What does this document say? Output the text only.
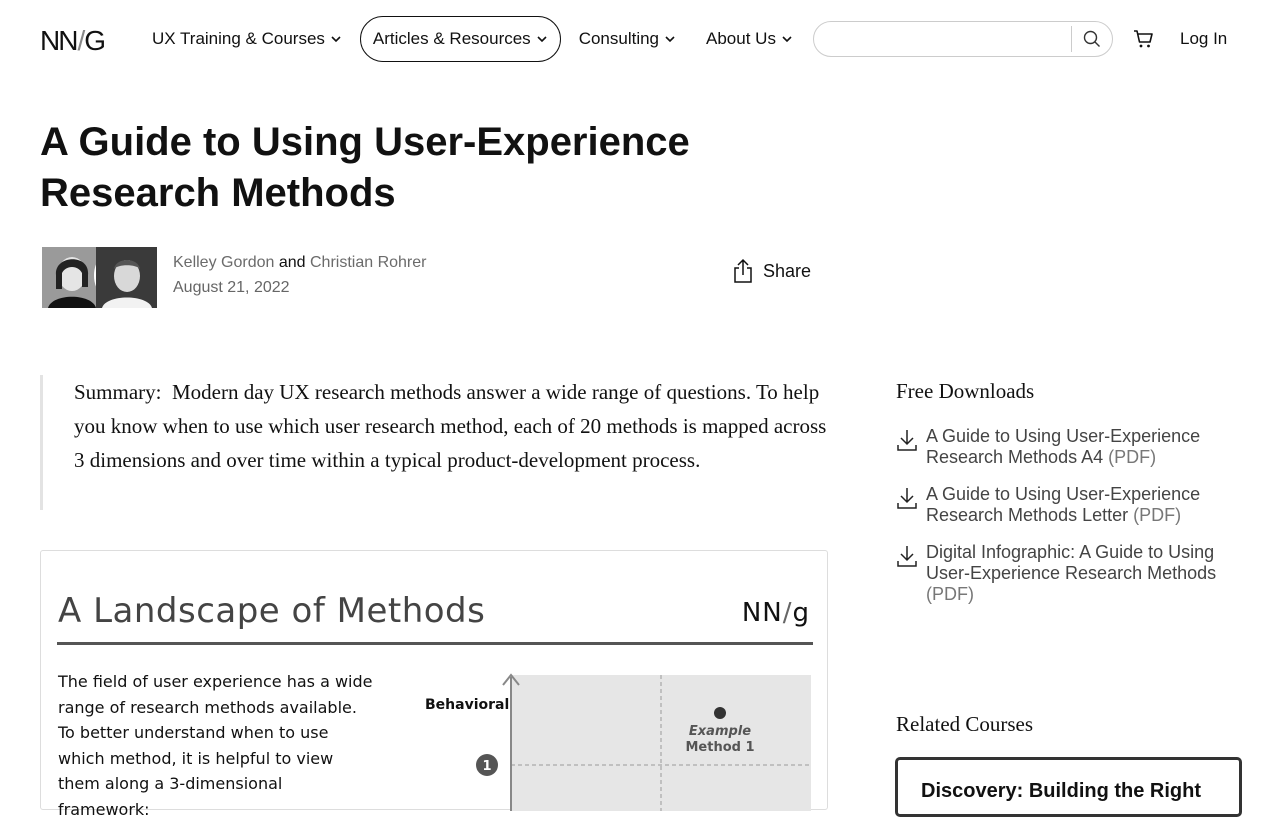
NN / G	UX Training & Courses	Articles & Resources	Consulting	About Us	Log In
A Guide to Using User-Experience Research Methods
Kelley Gordon and Christian Rohrer
August 21, 2022
Share
Summary: Modern day UX research methods answer a wide range of questions. To help you know when to use which user research method, each of 20 methods is mapped across 3 dimensions and over time within a typical product-development process.
A Landscape of Methods	NN/g
The field of user experience has a wide range of research methods available. To better understand when to use which method, it is helpful to view them along a 3-dimensional framework:
Behavioral
1
Example
Method 1
Free Downloads
A Guide to Using User-Experience Research Methods A4 (PDF)
A Guide to Using User-Experience Research Methods Letter (PDF)
Digital Infographic: A Guide to Using User-Experience Research Methods (PDF)
Related Courses
Discovery: Building the Right
